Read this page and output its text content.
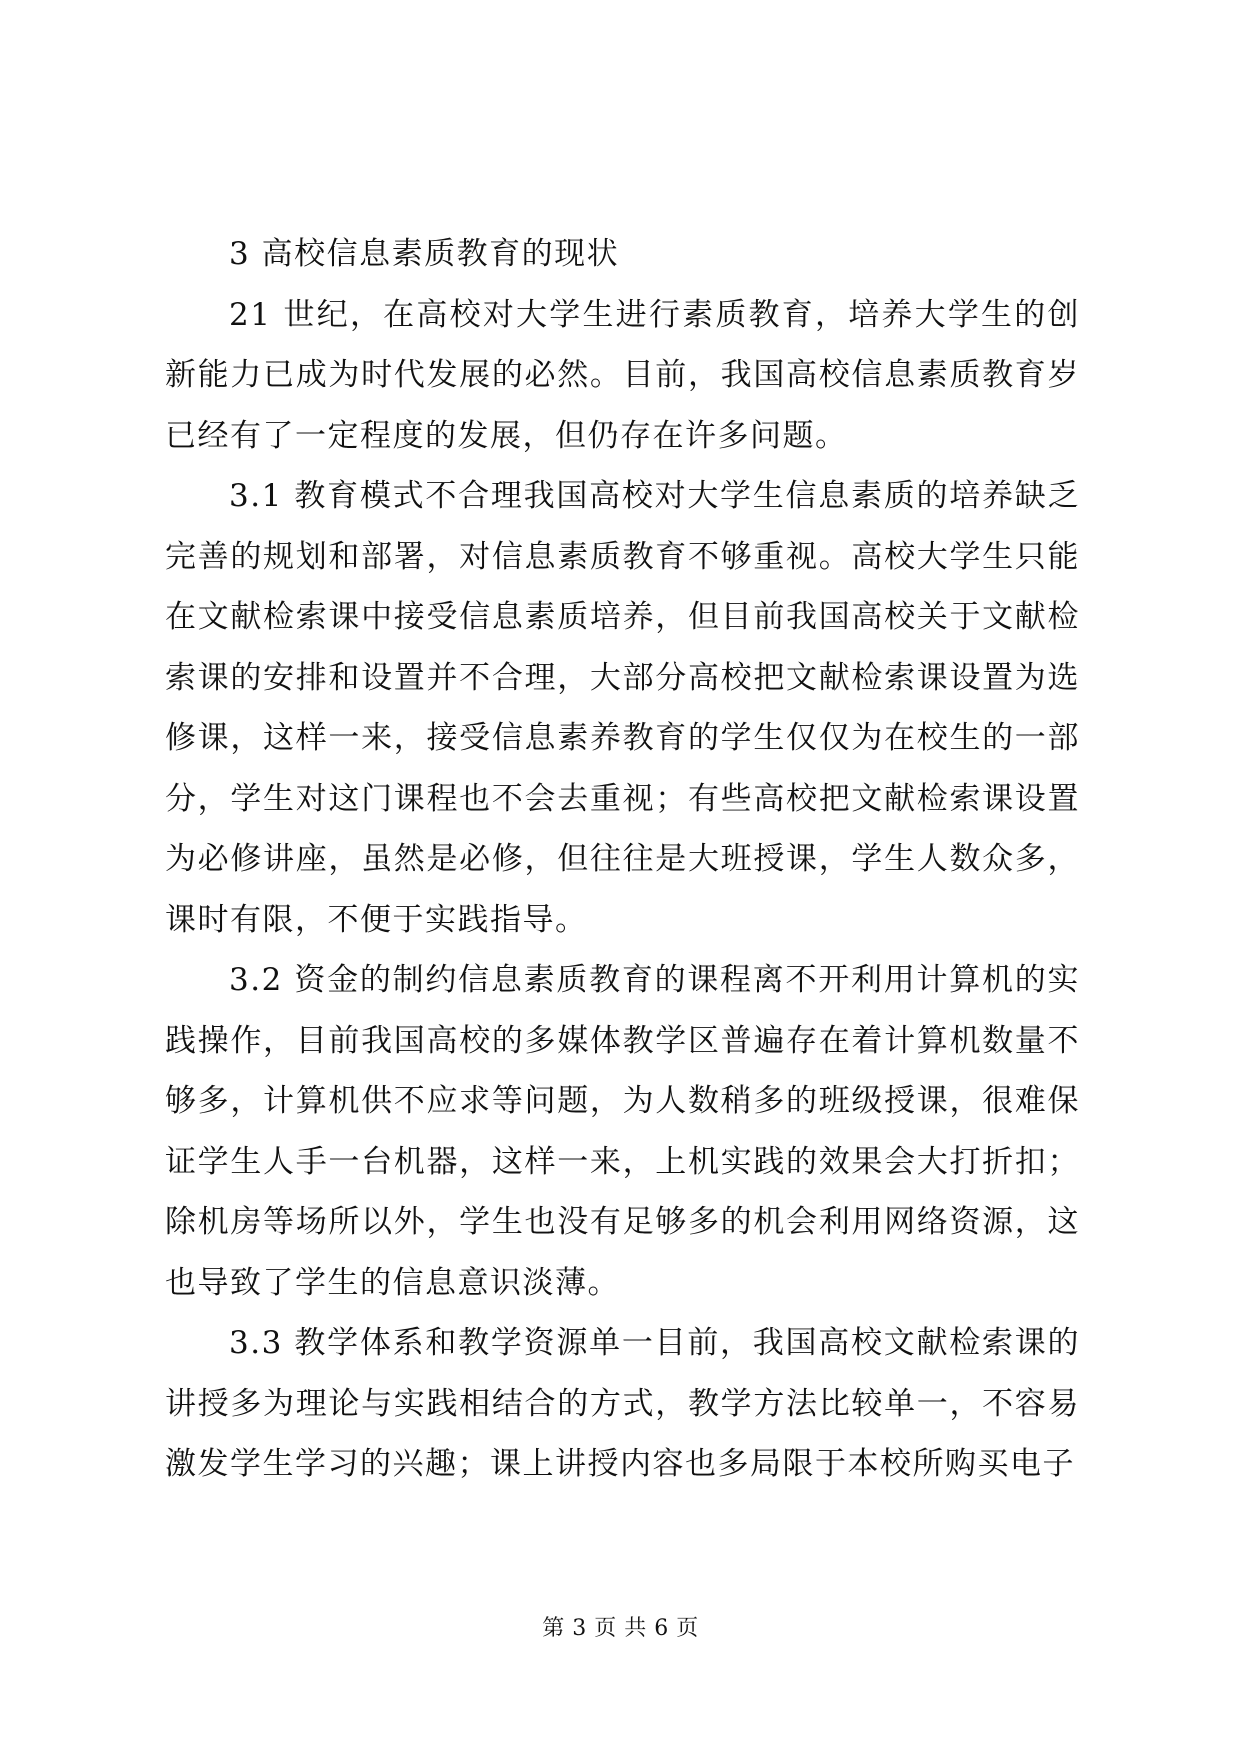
3 高校信息素质教育的现状

21 世纪，在高校对大学生进行素质教育，培养大学生的创新能力已成为时代发展的必然。目前，我国高校信息素质教育岁已经有了一定程度的发展，但仍存在许多问题。

3.1 教育模式不合理我国高校对大学生信息素质的培养缺乏完善的规划和部署，对信息素质教育不够重视。高校大学生只能在文献检索课中接受信息素质培养，但目前我国高校关于文献检索课的安排和设置并不合理，大部分高校把文献检索课设置为选修课，这样一来，接受信息素养教育的学生仅仅为在校生的一部分，学生对这门课程也不会去重视；有些高校把文献检索课设置为必修讲座，虽然是必修，但往往是大班授课，学生人数众多，课时有限，不便于实践指导。

3.2 资金的制约信息素质教育的课程离不开利用计算机的实践操作，目前我国高校的多媒体教学区普遍存在着计算机数量不够多，计算机供不应求等问题，为人数稍多的班级授课，很难保证学生人手一台机器，这样一来，上机实践的效果会大打折扣；除机房等场所以外，学生也没有足够多的机会利用网络资源，这也导致了学生的信息意识淡薄。

3.3 教学体系和教学资源单一目前，我国高校文献检索课的讲授多为理论与实践相结合的方式，教学方法比较单一，不容易激发学生学习的兴趣；课上讲授内容也多局限于本校所购买电子

第 3 页 共 6 页
